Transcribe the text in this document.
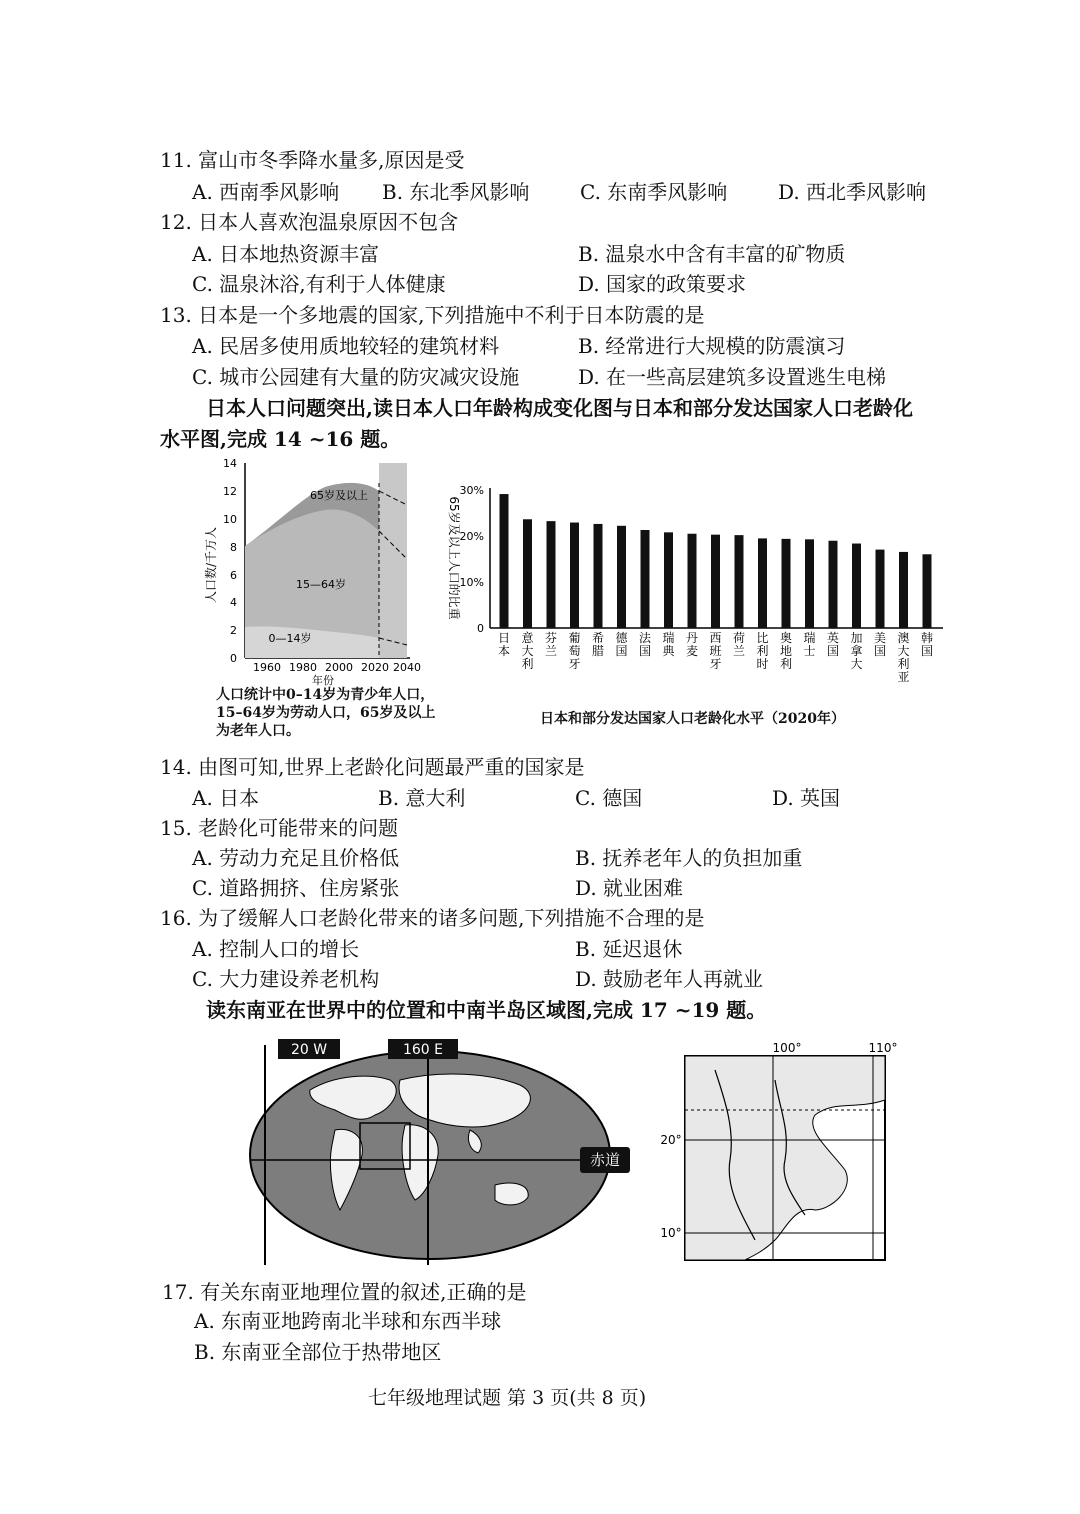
11. 富山市冬季降水量多,原因是受
A. 西南季风影响 B. 东北季风影响	C. 东南季风影响	D. 西北季风影响
12. 日本人喜欢泡温泉原因不包含
A. 日本地热资源丰富	B. 温泉水中含有丰富的矿物质
C. 温泉沐浴,有利于人体健康	D. 国家的政策要求
13. 日本是一个多地震的国家,下列措施中不利于日本防震的是
A. 民居多使用质地较轻的建筑材料	B. 经常进行大规模的防震演习
C. 城市公园建有大量的防灾减灾设施	D. 在一些高层建筑多设置逃生电梯
日本人口问题突出,读日本人口年龄构成变化图与日本和部分发达国家人口老龄化
水平图,完成 14 ~16 题。
0
2
4
6
8
10
12
14
1960 1980 2000 2020 2040
年份
人口数/千万人
65岁及以上
15—64岁
0—14岁
人口统计中0–14岁为青少年人口，15–64岁为劳动人口，65岁及以上为老年人口。
0
10%
20%
30%
65岁及以上人口的比重
日
本
意
大
利
芬
兰
葡
萄
牙
希
腊
德
国
法
国
瑞
典
丹
麦
西
班
牙
荷
兰
比
利
时
奥
地
利
瑞
士
英
国
加
拿
大
美
国
澳
大
利
亚
韩
国
日本和部分发达国家人口老龄化水平（2020年）
14. 由图可知,世界上老龄化问题最严重的国家是
A. 日本	B. 意大利	C. 德国	D. 英国
15. 老龄化可能带来的问题
A. 劳动力充足且价格低	B. 抚养老年人的负担加重
C. 道路拥挤、住房紧张	D. 就业困难
16. 为了缓解人口老龄化带来的诸多问题,下列措施不合理的是
A. 控制人口的增长	B. 延迟退休
C. 大力建设养老机构	D. 鼓励老年人再就业
读东南亚在世界中的位置和中南半岛区域图,完成 17 ~19 题。
20 W	160 E
赤道
100°	110°
20°
10°
17. 有关东南亚地理位置的叙述,正确的是
A. 东南亚地跨南北半球和东西半球
B. 东南亚全部位于热带地区
七年级地理试题 第 3 页(共 8 页)
